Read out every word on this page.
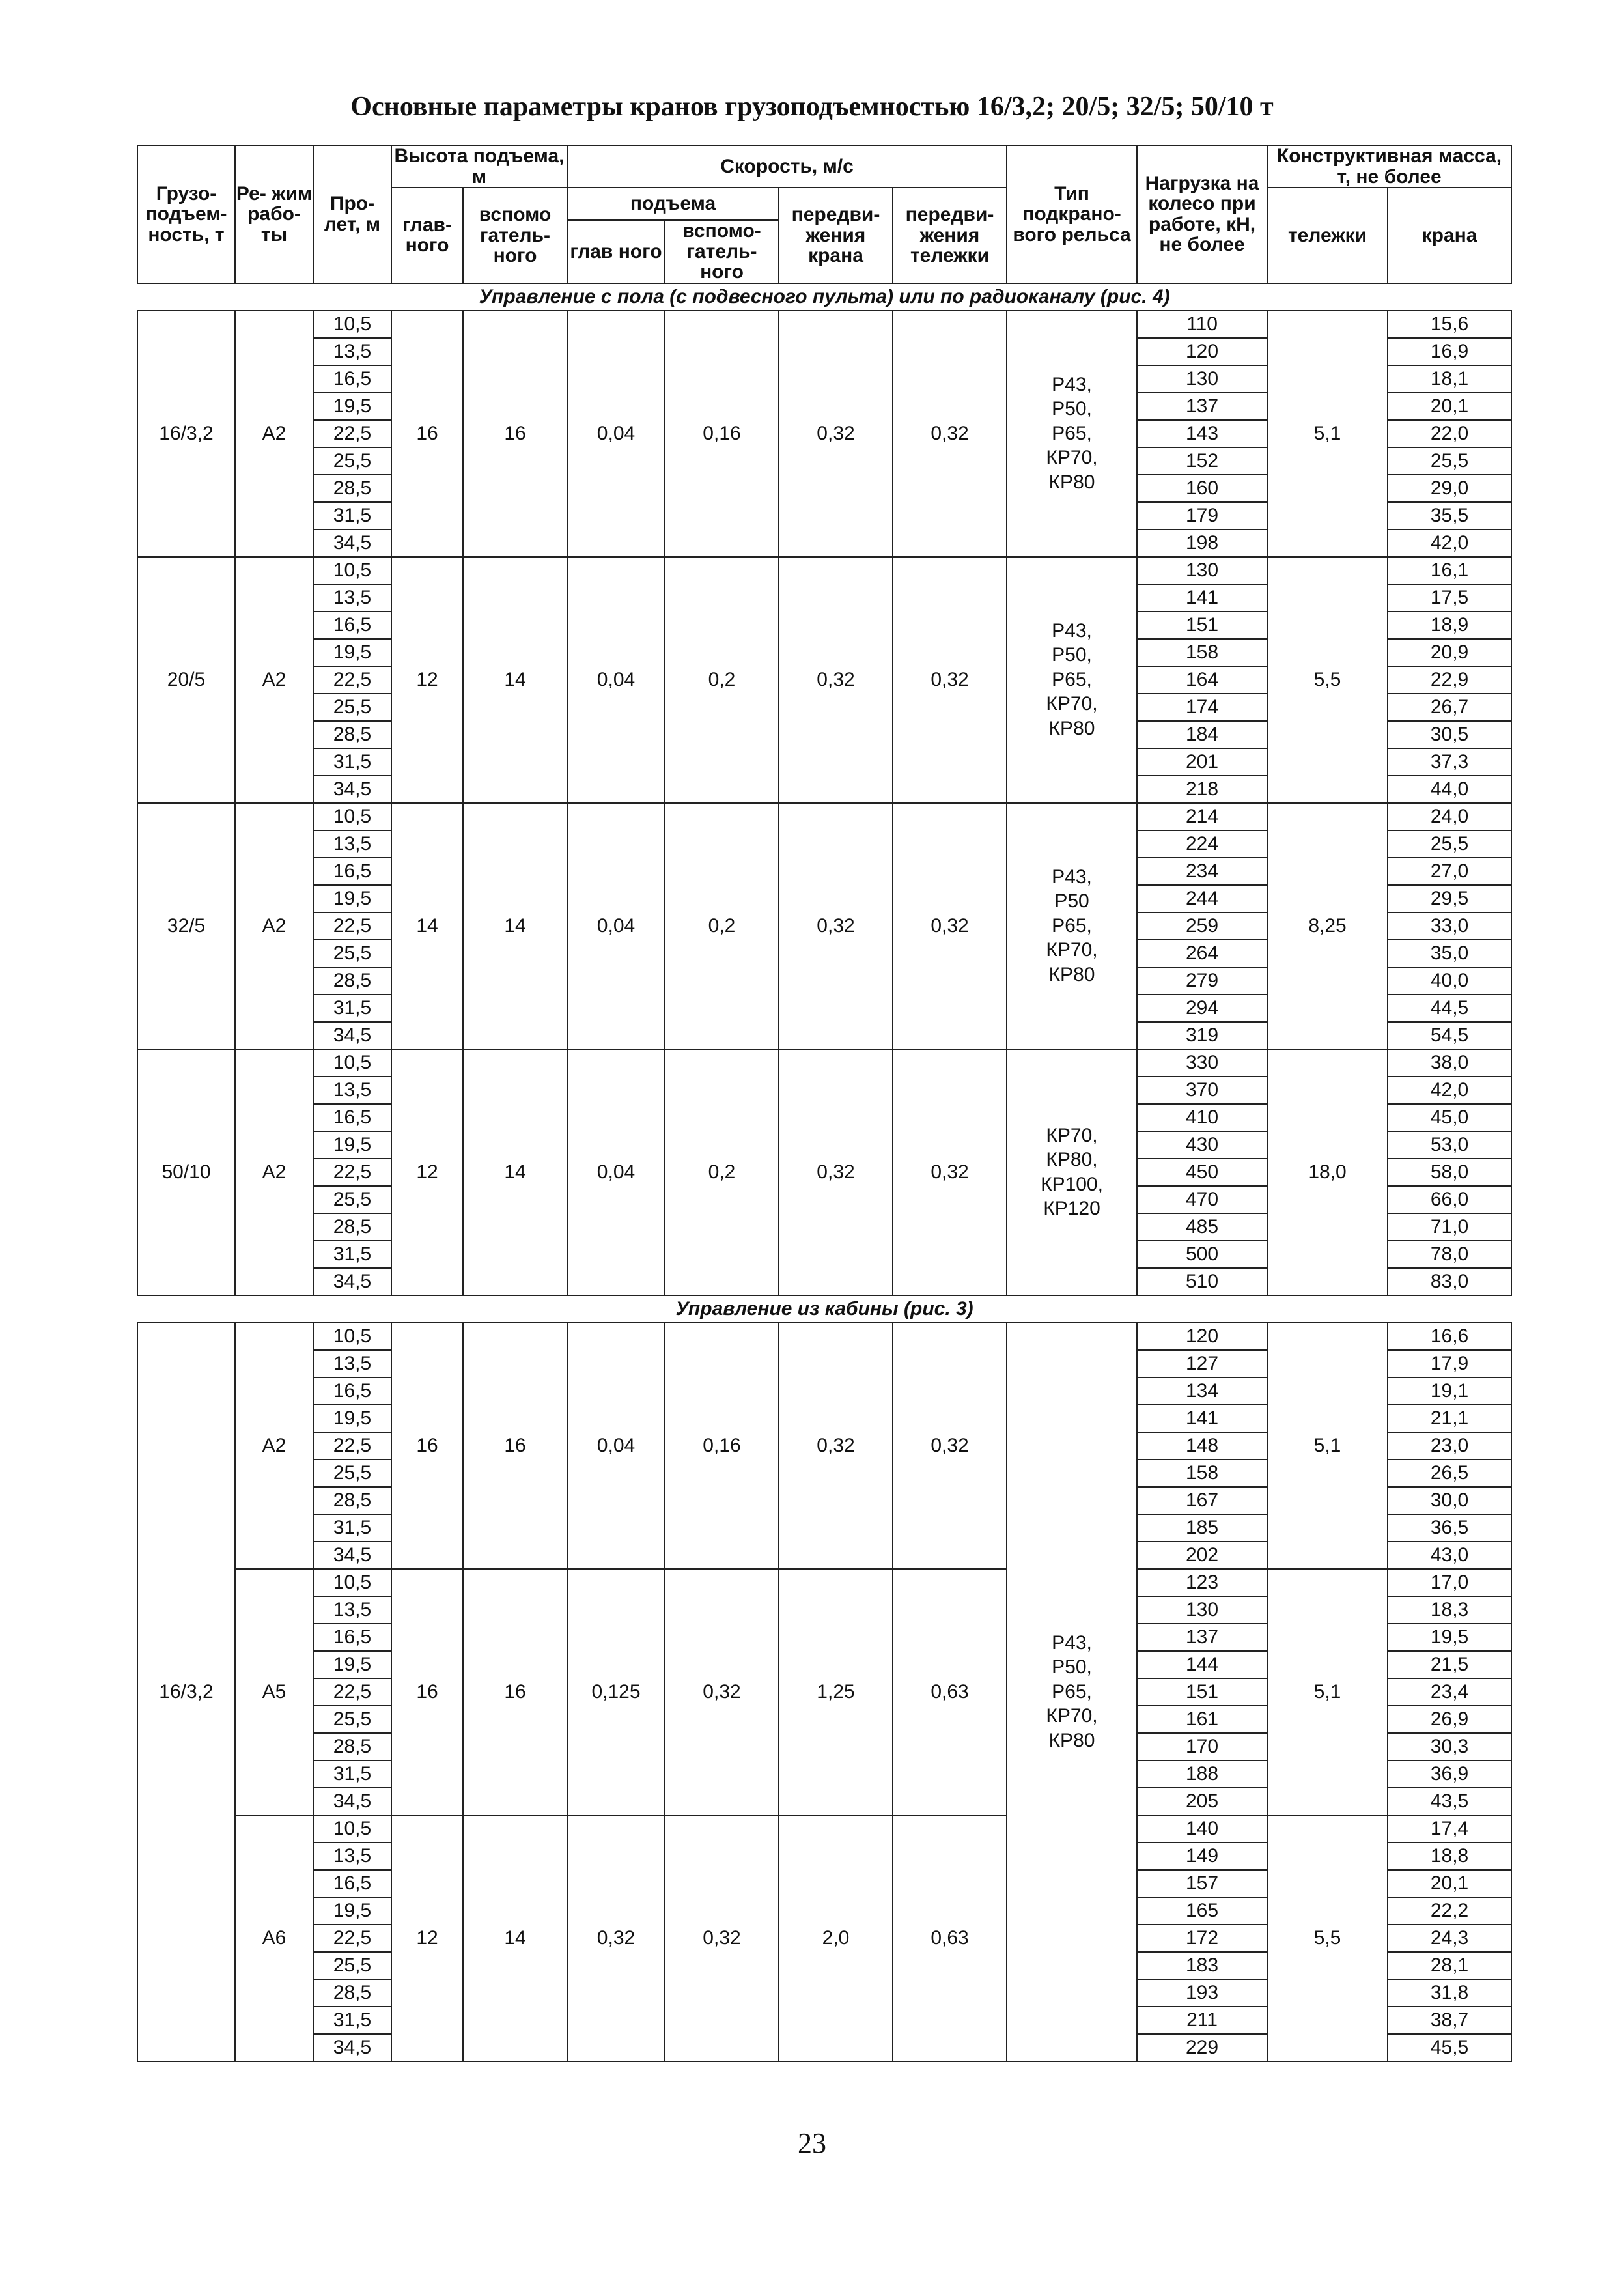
Основные параметры кранов грузоподъемностью 16/3,2; 20/5; 32/5; 50/10 т
Грузо- подъем- ность, т	Ре- жим рабо- ты	Про- лет, м	Высота подъема, м		Скорость, м/с				Тип подкрано- вого рельса	Нагрузка на колесо при работе, кН, не более	Конструктивная масса, т, не более	
			глав- ного	вспомо гатель- ного	подъема		передви- жения крана	передви- жения тележки			тележки	крана
					глав ного	вспомо- гатель- ного						
Управление с пола (с подвесного пульта) или по радиоканалу (рис. 4)												
16/3,2	А2	10,5	16	16	0,04	0,16	0,32	0,32	Р43,
Р50,
Р65,
КР70,
КР80	110	5,1	15,6
		13,5								120		16,9
		16,5								130		18,1
		19,5								137		20,1
		22,5								143		22,0
		25,5								152		25,5
		28,5								160		29,0
		31,5								179		35,5
		34,5								198		42,0
20/5	А2	10,5	12	14	0,04	0,2	0,32	0,32	Р43,
Р50,
Р65,
КР70,
КР80	130	5,5	16,1
		13,5								141		17,5
		16,5								151		18,9
		19,5								158		20,9
		22,5								164		22,9
		25,5								174		26,7
		28,5								184		30,5
		31,5								201		37,3
		34,5								218		44,0
32/5	А2	10,5	14	14	0,04	0,2	0,32	0,32	Р43,
Р50
Р65,
КР70,
КР80	214	8,25	24,0
		13,5								224		25,5
		16,5								234		27,0
		19,5								244		29,5
		22,5								259		33,0
		25,5								264		35,0
		28,5								279		40,0
		31,5								294		44,5
		34,5								319		54,5
50/10	А2	10,5	12	14	0,04	0,2	0,32	0,32	КР70,
КР80,
КР100,
КР120	330	18,0	38,0
		13,5								370		42,0
		16,5								410		45,0
		19,5								430		53,0
		22,5								450		58,0
		25,5								470		66,0
		28,5								485		71,0
		31,5								500		78,0
		34,5								510		83,0
Управление из кабины (рис. 3)												
16/3,2	А2	10,5	16	16	0,04	0,16	0,32	0,32	Р43,
Р50,
Р65,
КР70,
КР80	120	5,1	16,6
		13,5								127		17,9
		16,5								134		19,1
		19,5								141		21,1
		22,5								148		23,0
		25,5								158		26,5
		28,5								167		30,0
		31,5								185		36,5
		34,5								202		43,0
	А5	10,5	16	16	0,125	0,32	1,25	0,63		123	5,1	17,0
		13,5								130		18,3
		16,5								137		19,5
		19,5								144		21,5
		22,5								151		23,4
		25,5								161		26,9
		28,5								170		30,3
		31,5								188		36,9
		34,5								205		43,5
	А6	10,5	12	14	0,32	0,32	2,0	0,63		140	5,5	17,4
		13,5								149		18,8
		16,5								157		20,1
		19,5								165		22,2
		22,5								172		24,3
		25,5								183		28,1
		28,5								193		31,8
		31,5								211		38,7
		34,5								229		45,5
23
